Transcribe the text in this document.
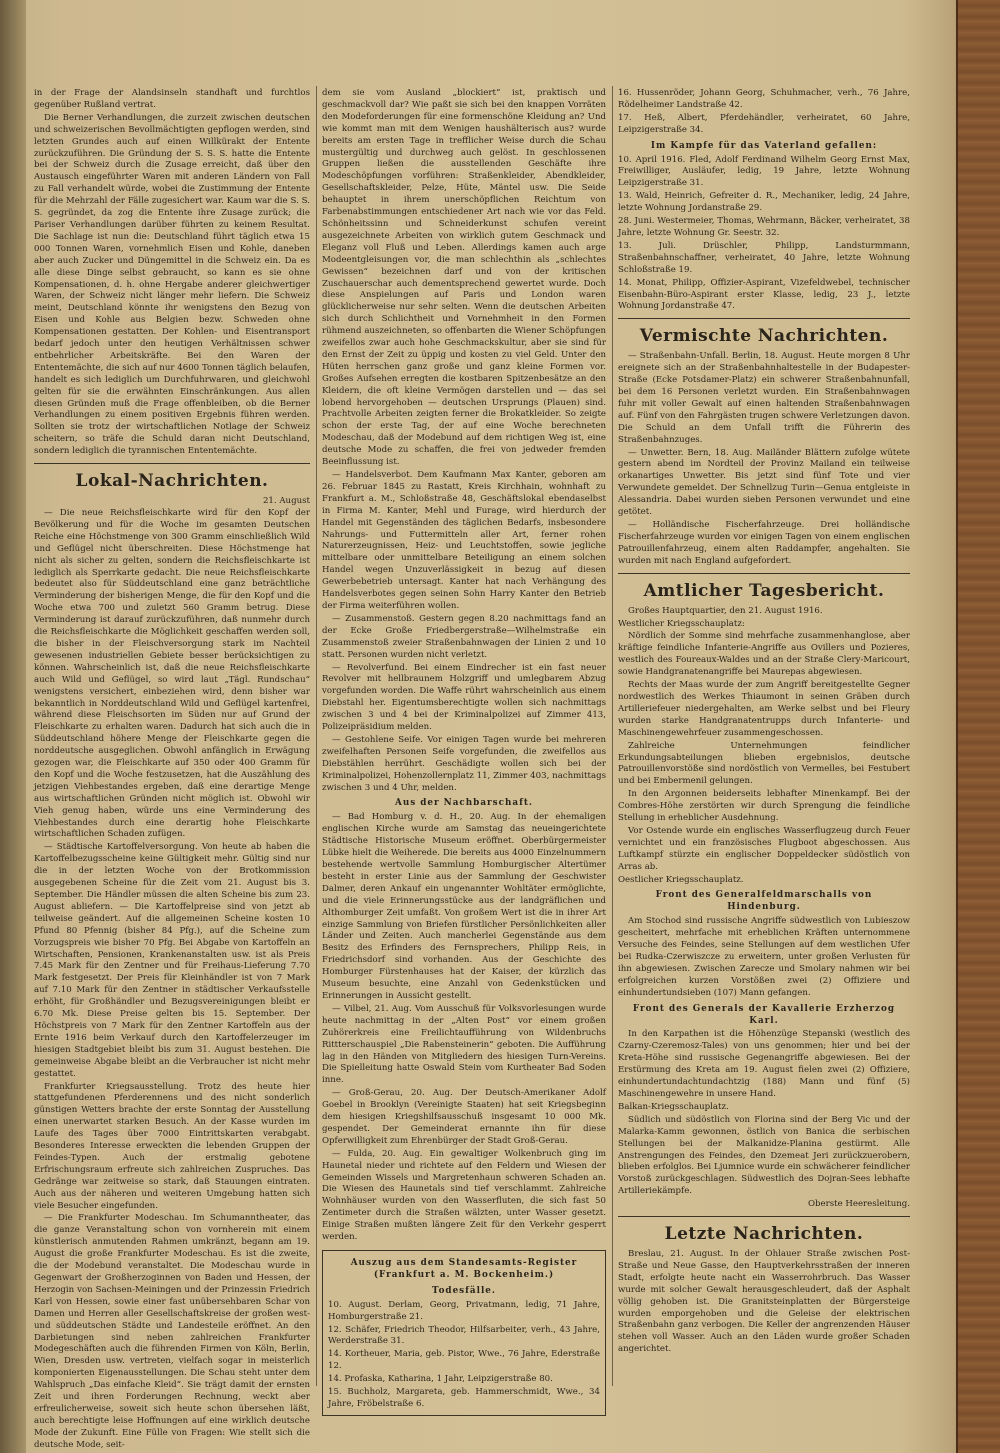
in der Frage der Alandsinseln standhaft und furchtlos gegenüber Rußland vertrat.

Die Berner Verhandlungen, die zurzeit zwischen deutschen und schweizerischen Bevollmächtigten gepflogen werden, sind letzten Grundes auch auf einen Willkürakt der Entente zurückzuführen. Die Gründung der S. S. S. hatte die Entente bei der Schweiz durch die Zusage erreicht, daß über den Austausch eingeführter Waren mit anderen Ländern von Fall zu Fall verhandelt würde, wobei die Zustimmung der Entente für die Mehrzahl der Fälle zugesichert war. Kaum war die S. S. S. gegründet, da zog die Entente ihre Zusage zurück; die Pariser Verhandlungen darüber führten zu keinem Resultat. Die Sachlage ist nun die: Deutschland führt täglich etwa 15 000 Tonnen Waren, vornehmlich Eisen und Kohle, daneben aber auch Zucker und Düngemittel in die Schweiz ein. Da es alle diese Dinge selbst gebraucht, so kann es sie ohne Kompensationen, d. h. ohne Hergabe anderer gleichwertiger Waren, der Schweiz nicht länger mehr liefern. Die Schweiz meint, Deutschland könnte ihr wenigstens den Bezug von Eisen und Kohle aus Belgien bezw. Schweden ohne Kompensationen gestatten. Der Kohlen- und Eisentransport bedarf jedoch unter den heutigen Verhältnissen schwer entbehrlicher Arbeitskräfte. Bei den Waren der Ententemächte, die sich auf nur 4600 Tonnen täglich belaufen, handelt es sich lediglich um Durchfuhrwaren, und gleichwohl gelten für sie die erwähnten Einschränkungen. Aus allen diesen Gründen muß die Frage offenbleiben, ob die Berner Verhandlungen zu einem positiven Ergebnis führen werden. Sollten sie trotz der wirtschaftlichen Notlage der Schweiz scheitern, so träfe die Schuld daran nicht Deutschland, sondern lediglich die tyrannischen Ententemächte.

Lokal-Nachrichten.
21. August

— Die neue Reichsfleischkarte wird für den Kopf der Bevölkerung und für die Woche im gesamten Deutschen Reiche eine Höchstmenge von 300 Gramm einschließlich Wild und Geflügel nicht überschreiten. Diese Höchstmenge hat nicht als sicher zu gelten, sondern die Reichsfleischkarte ist lediglich als Sperrkarte gedacht. Die neue Reichsfleischkarte bedeutet also für Süddeutschland eine ganz beträchtliche Verminderung der bisherigen Menge, die für den Kopf und die Woche etwa 700 und zuletzt 560 Gramm betrug. Diese Verminderung ist darauf zurückzuführen, daß nunmehr durch die Reichsfleischkarte die Möglichkeit geschaffen werden soll, die bisher in der Fleischversorgung stark im Nachteil gewesenen industriellen Gebiete besser berücksichtigen zu können. Wahrscheinlich ist, daß die neue Reichsfleischkarte auch Wild und Geflügel, so wird laut „Tägl. Rundschau“ wenigstens versichert, einbeziehen wird, denn bisher war bekanntlich in Norddeutschland Wild und Geflügel kartenfrei, während diese Fleischsorten im Süden nur auf Grund der Fleischkarte zu erhalten waren. Dadurch hat sich auch die in Süddeutschland höhere Menge der Fleischkarte gegen die norddeutsche ausgeglichen. Obwohl anfänglich in Erwägung gezogen war, die Fleischkarte auf 350 oder 400 Gramm für den Kopf und die Woche festzusetzen, hat die Auszählung des jetzigen Viehbestandes ergeben, daß eine derartige Menge aus wirtschaftlichen Gründen nicht möglich ist. Obwohl wir Vieh genug haben, würde uns eine Verminderung des Viehbestandes durch eine derartig hohe Fleischkarte wirtschaftlichen Schaden zufügen.

— Städtische Kartoffelversorgung. Von heute ab haben die Kartoffelbezugsscheine keine Gültigkeit mehr. Gültig sind nur die in der letzten Woche von der Brotkommission ausgegebenen Scheine für die Zeit vom 21. August bis 3. September. Die Händler müssen die alten Scheine bis zum 23. August abliefern. — Die Kartoffelpreise sind von jetzt ab teilweise geändert. Auf die allgemeinen Scheine kosten 10 Pfund 80 Pfennig (bisher 84 Pfg.), auf die Scheine zum Vorzugspreis wie bisher 70 Pfg. Bei Abgabe von Kartoffeln an Wirtschaften, Pensionen, Krankenanstalten usw. ist als Preis 7.45 Mark für den Zentner und für Freihaus-Lieferung 7.70 Mark festgesetzt. Der Preis für Kleinhändler ist von 7 Mark auf 7.10 Mark für den Zentner in städtischer Verkaufsstelle erhöht, für Großhändler und Bezugsvereinigungen bleibt er 6.70 Mk. Diese Preise gelten bis 15. September. Der Höchstpreis von 7 Mark für den Zentner Kartoffeln aus der Ernte 1916 beim Verkauf durch den Kartoffelerzeuger im hiesigen Stadtgebiet bleibt bis zum 31. August bestehen. Die gemeinweise Abgabe bleibt an die Verbraucher ist nicht mehr gestattet.

Frankfurter Kriegsausstellung. Trotz des heute hier stattgefundenen Pferderennens und des nicht sonderlich günstigen Wetters brachte der erste Sonntag der Ausstellung einen unerwartet starken Besuch. An der Kasse wurden im Laufe des Tages über 7000 Eintrittskarten verabgabt. Besonderes Interesse erweckten die lebenden Gruppen der Feindes-Typen. Auch der erstmalig gebotene Erfrischungsraum erfreute sich zahlreichen Zuspruches. Das Gedränge war zeitweise so stark, daß Stauungen eintraten. Auch aus der näheren und weiteren Umgebung hatten sich viele Besucher eingefunden.

— Die Frankfurter Modeschau. Im Schumanntheater, das die ganze Veranstaltung schon von vornherein mit einem künstlerisch anmutenden Rahmen umkränzt, begann am 19. August die große Frankfurter Modeschau. Es ist die zweite, die der Modebund veranstaltet. Die Modeschau wurde in Gegenwart der Großherzoginnen von Baden und Hessen, der Herzogin von Sachsen-Meiningen und der Prinzessin Friedrich Karl von Hessen, sowie einer fast unübersehbaren Schar von Damen und Herren aller Gesellschaftskreise der großen west- und süddeutschen Städte und Landesteile eröffnet. An den Darbietungen sind neben zahlreichen Frankfurter Modegeschäften auch die führenden Firmen von Köln, Berlin, Wien, Dresden usw. vertreten, vielfach sogar in meisterlich komponierten Eigenausstellungen. Die Schau steht unter dem Wahlspruch „Das einfache Kleid“. Sie trägt damit der ernsten Zeit und ihren Forderungen Rechnung, weckt aber erfreulicherweise, soweit sich heute schon übersehen läßt, auch berechtigte leise Hoffnungen auf eine wirklich deutsche Mode der Zukunft. Eine Fülle von Fragen: Wie stellt sich die deutsche Mode, seit-

dem sie vom Ausland „blockiert“ ist, praktisch und geschmackvoll dar? Wie paßt sie sich bei den knappen Vorräten den Modeforderungen für eine formenschöne Kleidung an? Und wie kommt man mit dem Wenigen haushälterisch aus? wurde bereits am ersten Tage in trefflicher Weise durch die Schau mustergültig und durchweg auch gelöst. In geschlossenen Gruppen ließen die ausstellenden Geschäfte ihre Modeschöpfungen vorführen: Straßenkleider, Abendkleider, Gesellschaftskleider, Pelze, Hüte, Mäntel usw. Die Seide behauptet in ihrem unerschöpflichen Reichtum von Farbenabstimmungen entschiedener Art nach wie vor das Feld. Schönheitssinn und Schneiderkunst schufen vereint ausgezeichnete Arbeiten von wirklich gutem Geschmack und Eleganz voll Fluß und Leben. Allerdings kamen auch arge Modeentgleisungen vor, die man schlechthin als „schlechtes Gewissen“ bezeichnen darf und von der kritischen Zuschauerschar auch dementsprechend gewertet wurde. Doch diese Anspielungen auf Paris und London waren glücklicherweise nur sehr selten. Wenn die deutschen Arbeiten sich durch Schlichtheit und Vornehmheit in den Formen rühmend auszeichneten, so offenbarten die Wiener Schöpfungen zweifellos zwar auch hohe Geschmackskultur, aber sie sind für den Ernst der Zeit zu üppig und kosten zu viel Geld. Unter den Hüten herrschen ganz große und ganz kleine Formen vor. Großes Aufsehen erregten die kostbaren Spitzenbesätze an den Kleidern, die oft kleine Vermögen darstellen und — das sei lobend hervorgehoben — deutschen Ursprungs (Plauen) sind. Prachtvolle Arbeiten zeigten ferner die Brokatkleider. So zeigte schon der erste Tag, der auf eine Woche berechneten Modeschau, daß der Modebund auf dem richtigen Weg ist, eine deutsche Mode zu schaffen, die frei von jedweder fremden Beeinflussung ist.

— Handelsverbot. Dem Kaufmann Max Kanter, geboren am 26. Februar 1845 zu Rastatt, Kreis Kirchhain, wohnhaft zu Frankfurt a. M., Schloßstraße 48, Geschäftslokal ebendaselbst in Firma M. Kanter, Mehl und Furage, wird hierdurch der Handel mit Gegenständen des täglichen Bedarfs, insbesondere Nahrungs- und Futtermitteln aller Art, ferner rohen Naturerzeugnissen, Heiz- und Leuchtstoffen, sowie jegliche mittelbare oder unmittelbare Beteiligung an einem solchen Handel wegen Unzuverlässigkeit in bezug auf diesen Gewerbebetrieb untersagt. Kanter hat nach Verhängung des Handelsverbotes gegen seinen Sohn Harry Kanter den Betrieb der Firma weiterführen wollen.

— Zusammenstoß. Gestern gegen 8.20 nachmittags fand an der Ecke Große Friedbergerstraße—Wilhelmstraße ein Zusammenstoß zweier Straßenbahnwagen der Linien 2 und 10 statt. Personen wurden nicht verletzt.

— Revolverfund. Bei einem Eindrecher ist ein fast neuer Revolver mit hellbraunem Holzgriff und umlegbarem Abzug vorgefunden worden. Die Waffe rührt wahrscheinlich aus einem Diebstahl her. Eigentumsberechtigte wollen sich nachmittags zwischen 3 und 4 bei der Kriminalpolizei auf Zimmer 413, Polizeipräsidium melden.

— Gestohlene Seife. Vor einigen Tagen wurde bei mehreren zweifelhaften Personen Seife vorgefunden, die zweifellos aus Diebstählen herrührt. Geschädigte wollen sich bei der Kriminalpolizei, Hohenzollernplatz 11, Zimmer 403, nachmittags zwischen 3 und 4 Uhr, melden.

Aus der Nachbarschaft.

— Bad Homburg v. d. H., 20. Aug. In der ehemaligen englischen Kirche wurde am Samstag das neueingerichtete Städtische Historische Museum eröffnet. Oberbürgermeister Lübke hielt die Weiherede. Die bereits aus 4000 Einzelnummern bestehende wertvolle Sammlung Homburgischer Altertümer besteht in erster Linie aus der Sammlung der Geschwister Dalmer, deren Ankauf ein ungenannter Wohltäter ermöglichte, und die viele Erinnerungsstücke aus der landgräflichen und Althomburger Zeit umfaßt. Von großem Wert ist die in ihrer Art einzige Sammlung von Briefen fürstlicher Persönlichkeiten aller Länder und Zeiten. Auch mancherlei Gegenstände aus dem Besitz des Erfinders des Fernsprechers, Philipp Reis, in Friedrichsdorf sind vorhanden. Aus der Geschichte des Homburger Fürstenhauses hat der Kaiser, der kürzlich das Museum besuchte, eine Anzahl von Gedenkstücken und Erinnerungen in Aussicht gestellt.

— Vilbel, 21. Aug. Vom Ausschuß für Volksvorlesungen wurde heute nachmittag in der „Alten Post“ vor einem großen Zuhörerkreis eine Freilichtaufführung von Wildenbruchs Rittterschauspiel „Die Rabensteinerin“ geboten. Die Aufführung lag in den Händen von Mitgliedern des hiesigen Turn-Vereins. Die Spielleitung hatte Oswald Stein vom Kurtheater Bad Soden inne.

— Groß-Gerau, 20. Aug. Der Deutsch-Amerikaner Adolf Goebel in Brooklyn (Vereinigte Staaten) hat seit Kriegsbeginn dem hiesigen Kriegshilfsausschuß insgesamt 10 000 Mk. gespendet. Der Gemeinderat ernannte ihn für diese Opferwilligkeit zum Ehrenbürger der Stadt Groß-Gerau.

— Fulda, 20. Aug. Ein gewaltiger Wolkenbruch ging im Haunetal nieder und richtete auf den Feldern und Wiesen der Gemeinden Wissels und Margretenhaun schweren Schaden an. Die Wiesen des Haunetals sind tief verschlammt. Zahlreiche Wohnhäuser wurden von den Wasserfluten, die sich fast 50 Zentimeter durch die Straßen wälzten, unter Wasser gesetzt. Einige Straßen mußten längere Zeit für den Verkehr gesperrt werden.

Auszug aus dem Standesamts-Register (Frankfurt a. M. Bockenheim.)
Todesfälle.

10. August. Derlam, Georg, Privatmann, ledig, 71 Jahre, Homburgerstraße 21.

12. Schäfer, Friedrich Theodor, Hilfsarbeiter, verh., 43 Jahre, Werderstraße 31.

14. Kortheuer, Maria, geb. Pistor, Wwe., 76 Jahre, Ederstraße 12.

14. Profaska, Katharina, 1 Jahr, Leipzigerstraße 80.

15. Buchholz, Margareta, geb. Hammerschmidt, Wwe., 34 Jahre, Fröbelstraße 6.

16. Hussenröder, Johann Georg, Schuhmacher, verh., 76 Jahre, Rödelheimer Landstraße 42.

17. Heß, Albert, Pferdehändler, verheiratet, 60 Jahre, Leipzigerstraße 34.

Im Kampfe für das Vaterland gefallen:

10. April 1916. Fled, Adolf Ferdinand Wilhelm Georg Ernst Max, Freiwilliger, Ausläufer, ledig, 19 Jahre, letzte Wohnung Leipzigerstraße 31.

13. Wald, Heinrich, Gefreiter d. R., Mechaniker, ledig, 24 Jahre, letzte Wohnung Jordanstraße 29.

28. Juni. Westermeier, Thomas, Wehrmann, Bäcker, verheiratet, 38 Jahre, letzte Wohnung Gr. Seestr. 32.

13. Juli. Drüschler, Philipp, Landsturmmann, Straßenbahnschaffner, verheiratet, 40 Jahre, letzte Wohnung Schloßstraße 19.

14. Monat, Philipp, Offizier-Aspirant, Vizefeldwebel, technischer Eisenbahn-Büro-Aspirant erster Klasse, ledig, 23 J., letzte Wohnung Jordanstraße 47.

Vermischte Nachrichten.

— Straßenbahn-Unfall. Berlin, 18. August. Heute morgen 8 Uhr ereignete sich an der Straßenbahnhaltestelle in der Budapester-Straße (Ecke Potsdamer-Platz) ein schwerer Straßenbahnunfall, bei dem 16 Personen verletzt wurden. Ein Straßenbahnwagen fuhr mit voller Gewalt auf einen haltenden Straßenbahnwagen auf. Fünf von den Fahrgästen trugen schwere Verletzungen davon. Die Schuld an dem Unfall trifft die Führerin des Straßenbahnzuges.

— Unwetter. Bern, 18. Aug. Mailänder Blättern zufolge wütete gestern abend im Nordteil der Provinz Mailand ein teilweise orkanartiges Unwetter. Bis jetzt sind fünf Tote und vier Verwundete gemeldet. Der Schnellzug Turin—Genua entgleiste in Alessandria. Dabei wurden sieben Personen verwundet und eine getötet.

— Holländische Fischerfahrzeuge. Drei holländische Fischerfahrzeuge wurden vor einigen Tagen von einem englischen Patrouillenfahrzeug, einem alten Raddampfer, angehalten. Sie wurden mit nach England aufgefordert.

Amtlicher Tagesbericht.

Großes Hauptquartier, den 21. August 1916.

Westlicher Kriegsschauplatz:

Nördlich der Somme sind mehrfache zusammenhanglose, aber kräftige feindliche Infanterie-Angriffe aus Ovillers und Pozieres, westlich des Foureaux-Waldes und an der Straße Clery-Maricourt, sowie Handgranatenangriffe bei Maurepas abgewiesen.

Rechts der Maas wurde der zum Angriff bereitgestellte Gegner nordwestlich des Werkes Thiaumont in seinen Gräben durch Artilleriefeuer niedergehalten, am Werke selbst und bei Fleury wurden starke Handgranatentrupps durch Infanterie- und Maschinengewehrfeuer zusammengeschossen.

Zahlreiche Unternehmungen feindlicher Erkundungsabteilungen blieben ergebnislos, deutsche Patrouillenvorstöße sind nordöstlich von Vermelles, bei Festubert und bei Embermenil gelungen.

In den Argonnen beiderseits lebhafter Minenkampf. Bei der Combres-Höhe zerstörten wir durch Sprengung die feindliche Stellung in erheblicher Ausdehnung.

Vor Ostende wurde ein englisches Wasserflugzeug durch Feuer vernichtet und ein französisches Flugboot abgeschossen. Aus Luftkampf stürzte ein englischer Doppeldecker südöstlich von Arras ab.

Oestlicher Kriegsschauplatz.

Front des Generalfeldmarschalls von Hindenburg.

Am Stochod sind russische Angriffe südwestlich von Lubieszow gescheitert, mehrfache mit erheblichen Kräften unternommene Versuche des Feindes, seine Stellungen auf dem westlichen Ufer bei Rudka-Czerwiszcze zu erweitern, unter großen Verlusten für ihn abgewiesen. Zwischen Zarecze und Smolary nahmen wir bei erfolgreichen kurzen Vorstößen zwei (2) Offiziere und einhundertundsieben (107) Mann gefangen.

Front des Generals der Kavallerie Erzherzog Karl.

In den Karpathen ist die Höhenzüge Stepanski (westlich des Czarny-Czeremosz-Tales) von uns genommen; hier und bei der Kreta-Höhe sind russische Gegenangriffe abgewiesen. Bei der Erstürmung des Kreta am 19. August fielen zwei (2) Offiziere, einhundertundachtundachtzig (188) Mann und fünf (5) Maschinengewehre in unsere Hand.

Balkan-Kriegsschauplatz.

Südlich und südöstlich von Florina sind der Berg Vic und der Malarka-Kamm gewonnen, östlich von Banica die serbischen Stellungen bei der Malkanidze-Planina gestürmt. Alle Anstrengungen des Feindes, den Dzemeat Jeri zurückzuerobern, blieben erfolglos. Bei Ljumnice wurde ein schwächerer feindlicher Vorstoß zurückgeschlagen. Südwestlich des Dojran-Sees lebhafte Artilleriekämpfe.

Oberste Heeresleitung.
Letzte Nachrichten.

Breslau, 21. August. In der Ohlauer Straße zwischen Post-Straße und Neue Gasse, den Hauptverkehrsstraßen der inneren Stadt, erfolgte heute nacht ein Wasserrohrbruch. Das Wasser wurde mit solcher Gewalt herausgeschleudert, daß der Asphalt völlig gehoben ist. Die Granitsteinplatten der Bürgersteige wurden emporgehoben und die Geleise der elektrischen Straßenbahn ganz verbogen. Die Keller der angrenzenden Häuser stehen voll Wasser. Auch an den Läden wurde großer Schaden angerichtet.
